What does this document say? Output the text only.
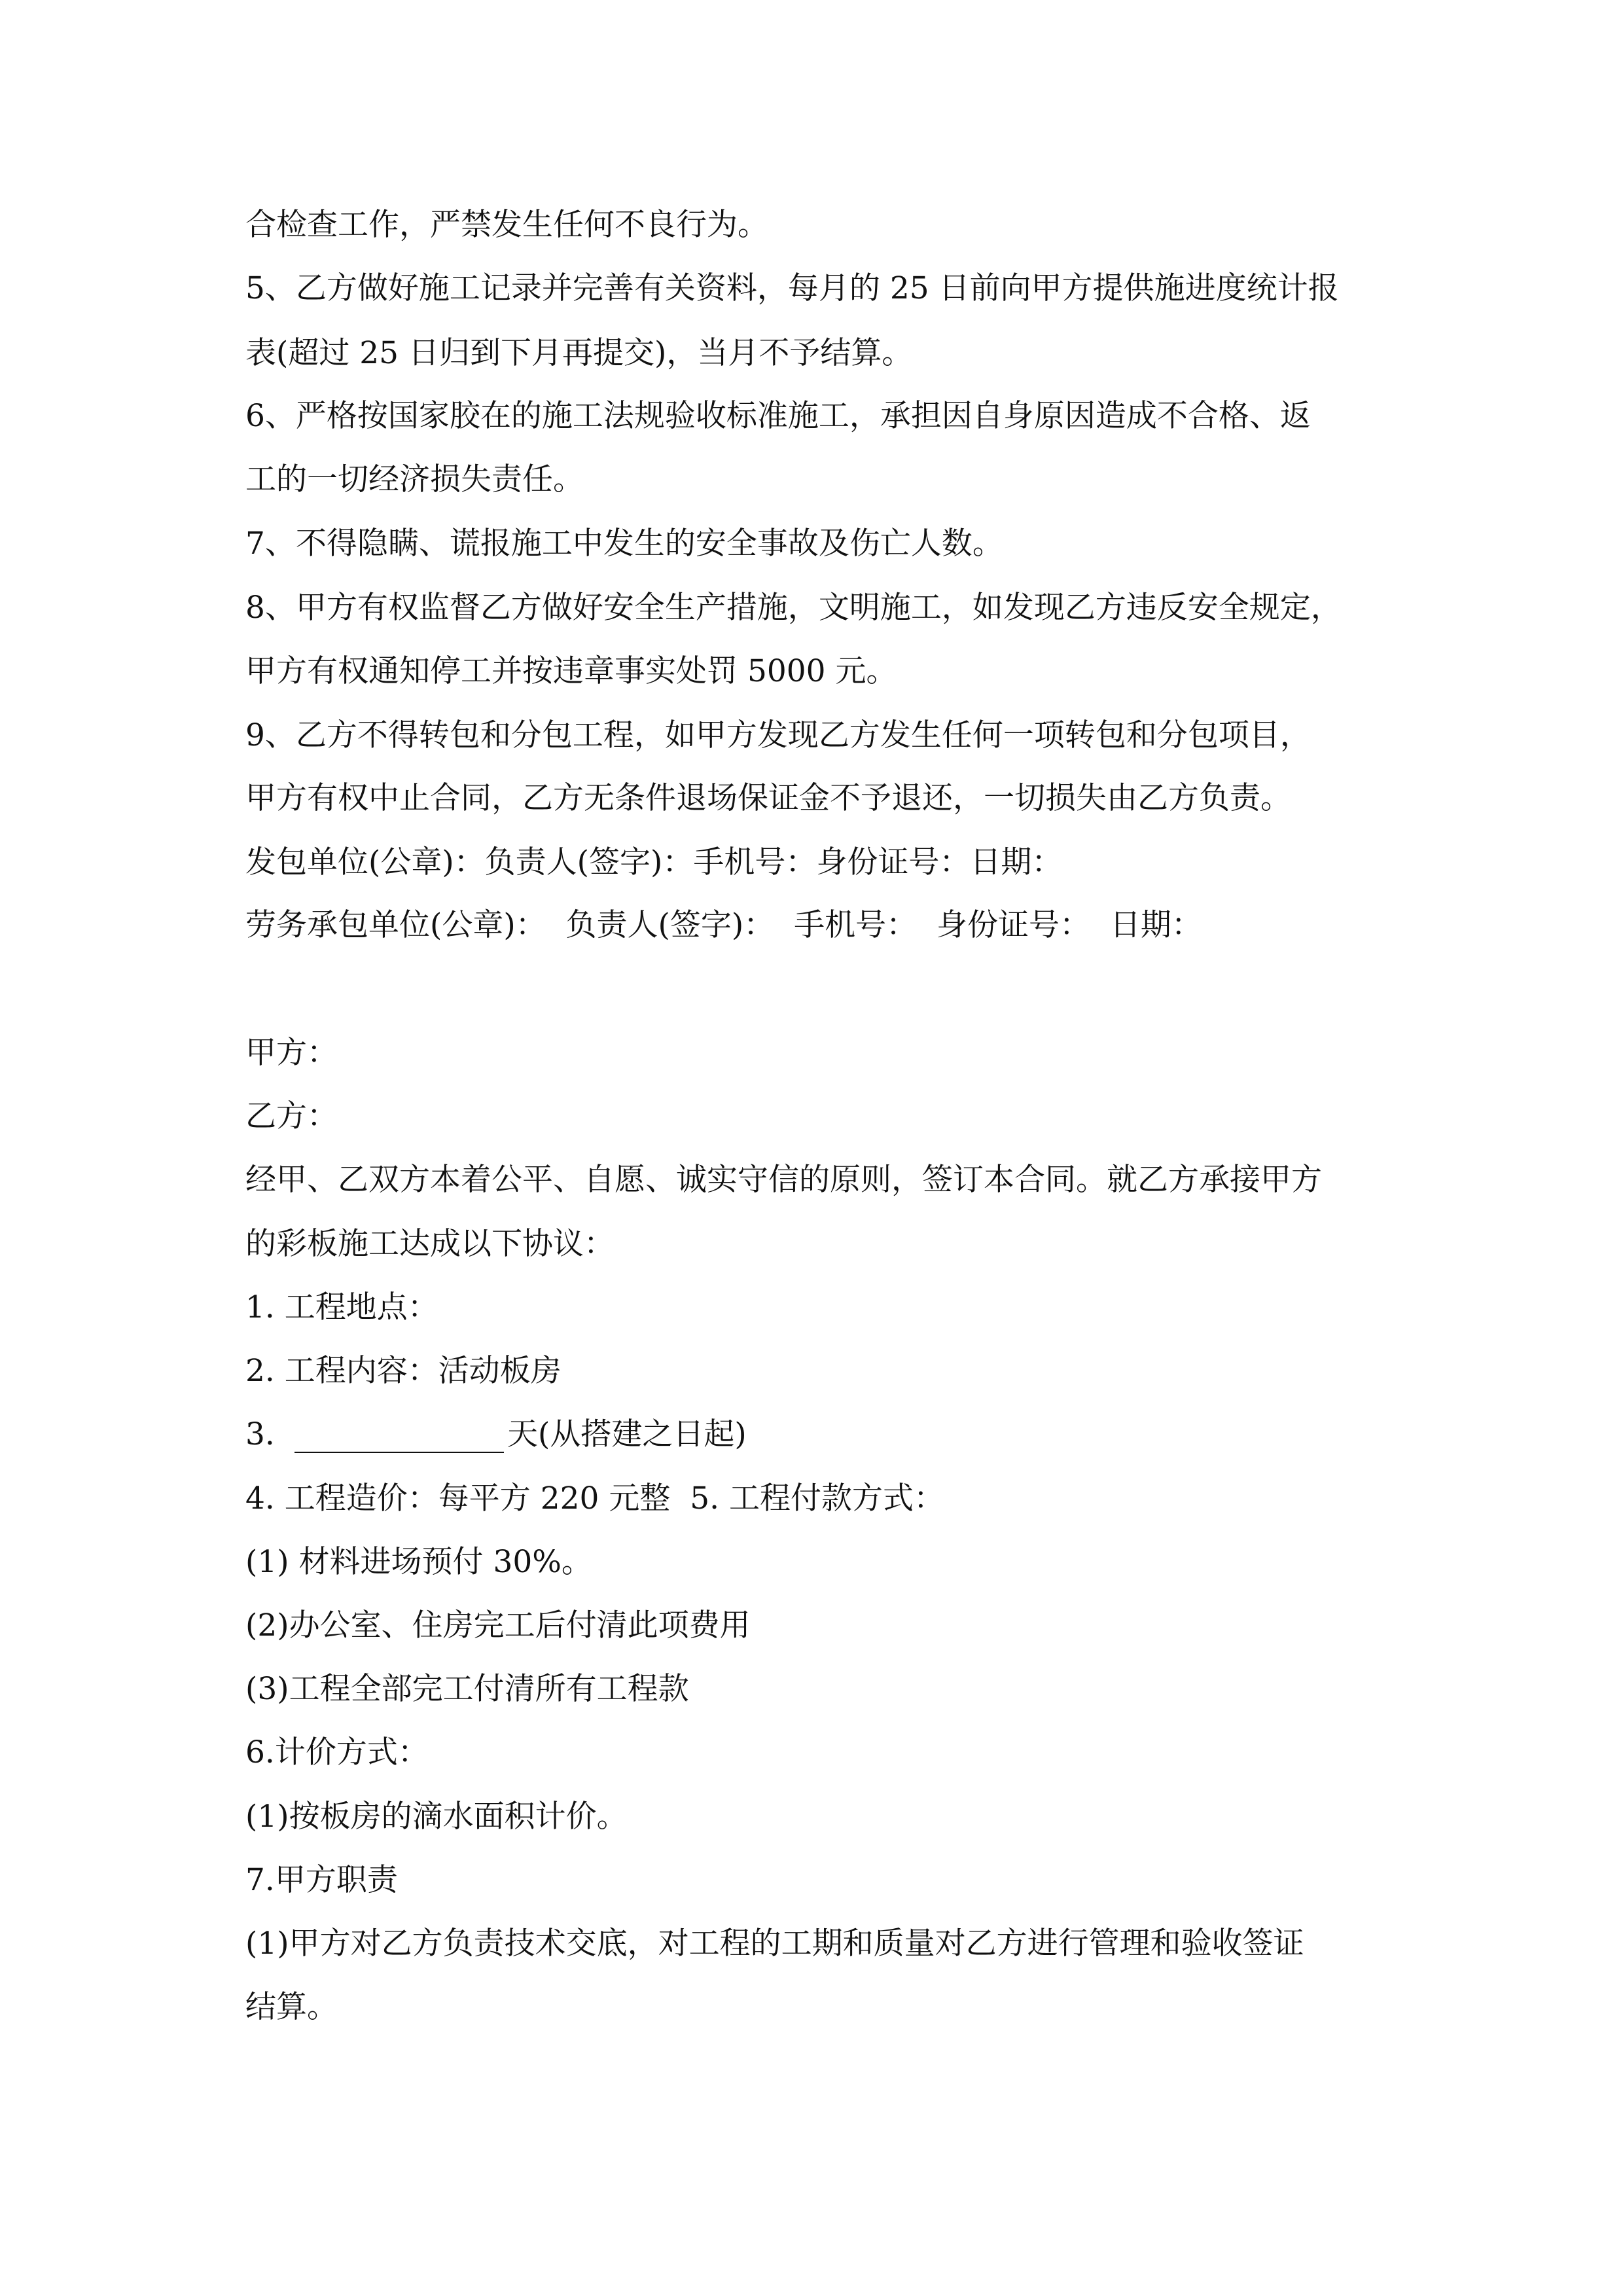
合检查工作，严禁发生任何不良行为。
5、乙方做好施工记录并完善有关资料，每月的 25 日前向甲方提供施进度统计报
表(超过 25 日归到下月再提交)，当月不予结算。
6、严格按国家胶在的施工法规验收标准施工，承担因自身原因造成不合格、返
工的一切经济损失责任。
7、不得隐瞒、谎报施工中发生的安全事故及伤亡人数。
8、甲方有权监督乙方做好安全生产措施，文明施工，如发现乙方违反安全规定，
甲方有权通知停工并按违章事实处罚 5000 元。
9、乙方不得转包和分包工程，如甲方发现乙方发生任何一项转包和分包项目，
甲方有权中止合同，乙方无条件退场保证金不予退还，一切损失由乙方负责。
发包单位(公章)：负责人(签字)：手机号：身份证号：日期：
劳务承包单位(公章)：  负责人(签字)：  手机号：  身份证号：  日期：
甲方：
乙方：
经甲、乙双方本着公平、自愿、诚实守信的原则，签订本合同。就乙方承接甲方
的彩板施工达成以下协议：
1. 工程地点：
2. 工程内容：活动板房
3.	天(从搭建之日起)
4. 工程造价：每平方 220 元整  5. 工程付款方式：
(1) 材料进场预付 30%。
(2)办公室、住房完工后付清此项费用
(3)工程全部完工付清所有工程款
6.计价方式：
(1)按板房的滴水面积计价。
7.甲方职责
(1)甲方对乙方负责技术交底，对工程的工期和质量对乙方进行管理和验收签证
结算。
